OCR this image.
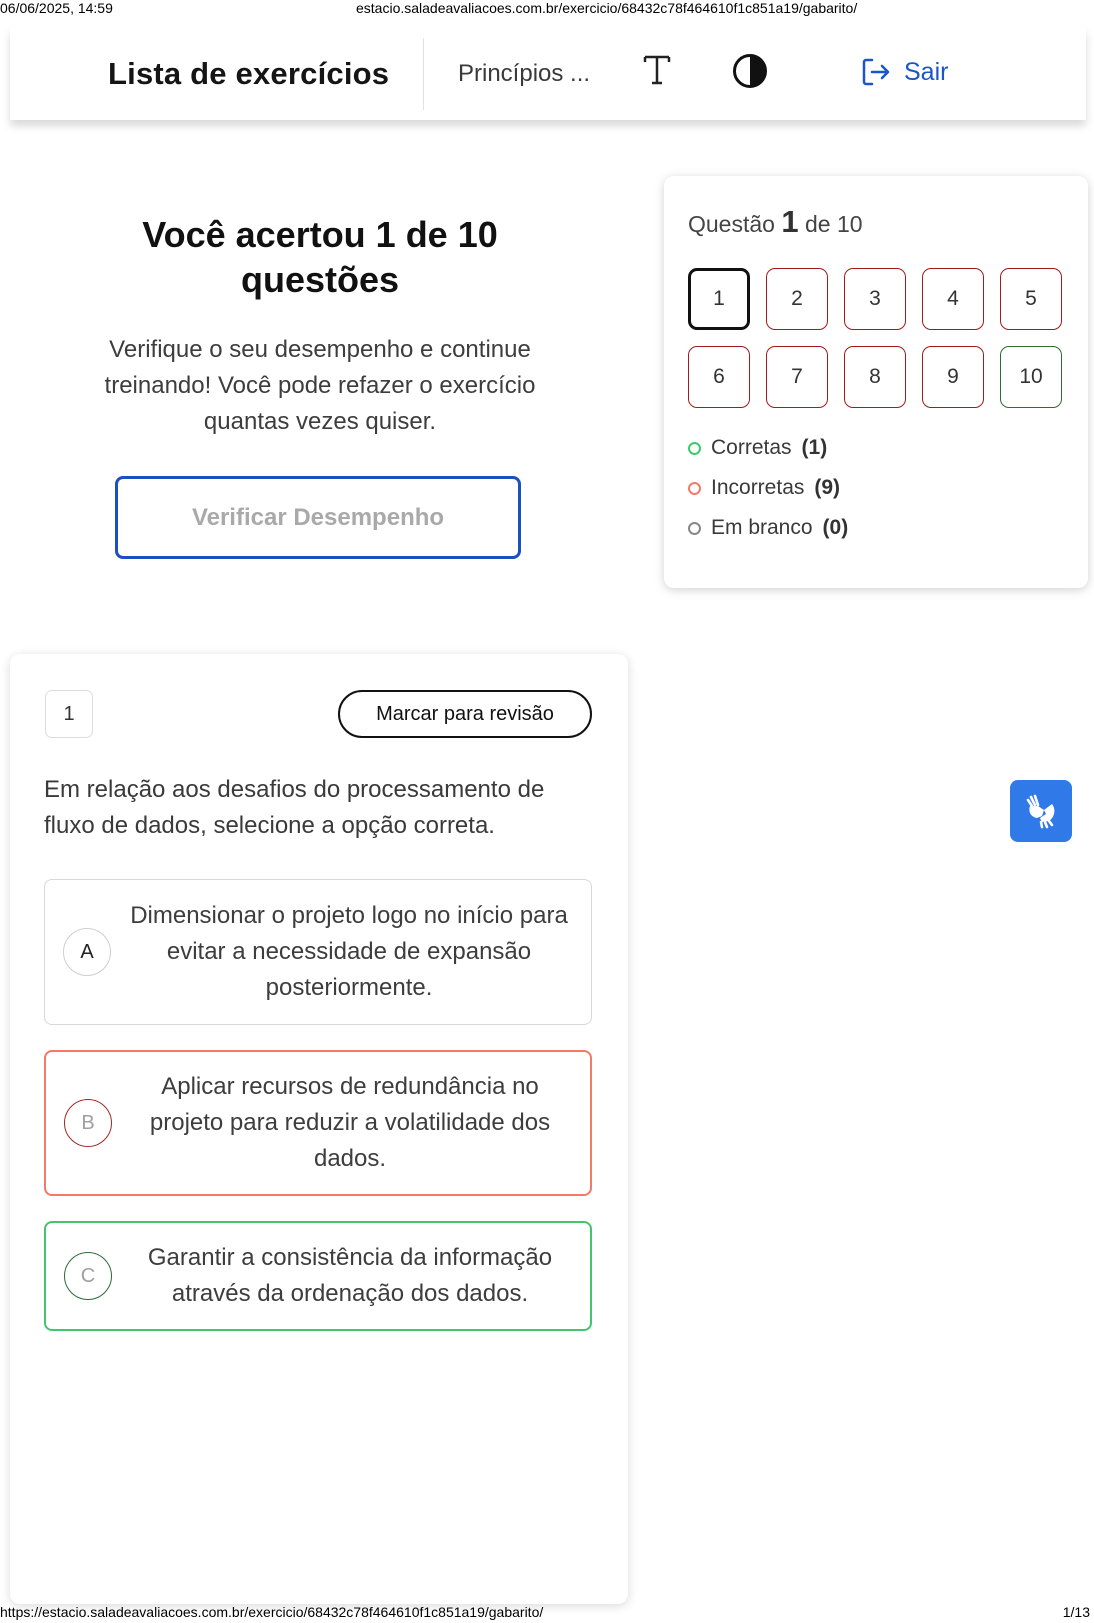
06/06/2025, 14:59	estacio.saladeavaliacoes.com.br/exercicio/68432c78f464610f1c851a19/gabarito/
Lista de exercícios	Princípios ...	Sair
Você acertou 1 de 10 questões
Verifique o seu desempenho e continue treinando! Você pode refazer o exercício quantas vezes quiser.
Verificar Desempenho
Questão 1 de 10
1	2	3	4	5
6	7	8	9	10
Corretas (1)
Incorretas (9)
Em branco (0)
1	Marcar para revisão
Em relação aos desafios do processamento de fluxo de dados, selecione a opção correta.
A
Dimensionar o projeto logo no início para evitar a necessidade de expansão posteriormente.
B
Aplicar recursos de redundância no projeto para reduzir a volatilidade dos dados.
C
Garantir a consistência da informação através da ordenação dos dados.
https://estacio.saladeavaliacoes.com.br/exercicio/68432c78f464610f1c851a19/gabarito/	1/13
